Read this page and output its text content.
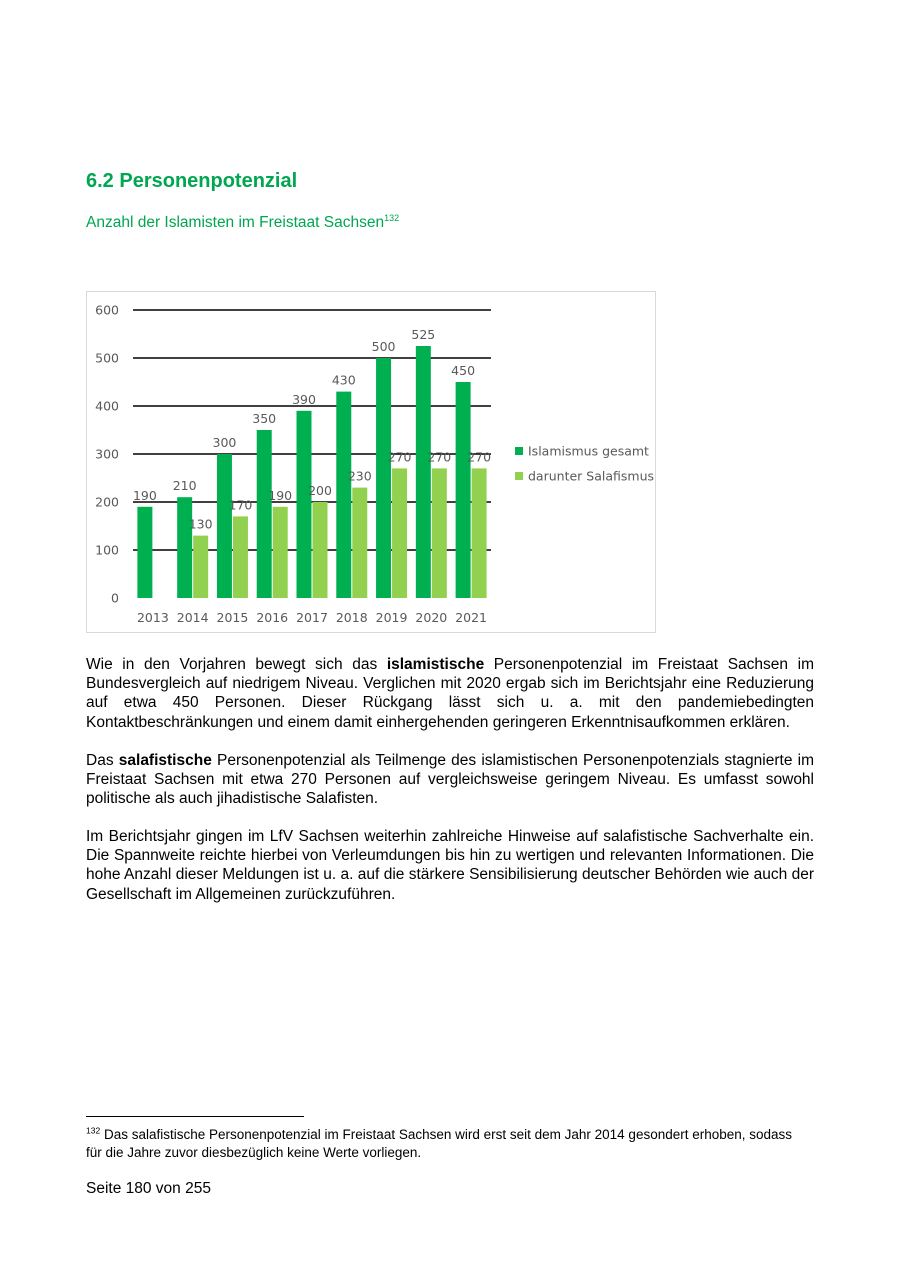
6.2 Personenpotenzial

Anzahl der Islamisten im Freistaat Sachsen$^{132}$

0
100
200
300
400
500
600
190
2013
210
130
2014
300
170
2015
350
190
2016
390
200
2017
430
230
2018
500
270
2019
525
270
2020
450
270
2021
Islamismus gesamt
darunter Salafismus

Wie in den Vorjahren bewegt sich das islamistische Personenpotenzial im Freistaat Sachsen im Bundesvergleich auf niedrigem Niveau. Verglichen mit 2020 ergab sich im Berichtsjahr eine Reduzierung auf etwa 450 Personen. Dieser Rückgang lässt sich u. a. mit den pandemiebedingten Kontaktbeschränkungen und einem damit einhergehenden geringeren Erkenntnisaufkommen erklären.

Das salafistische Personenpotenzial als Teilmenge des islamistischen Personenpotenzials stagnierte im Freistaat Sachsen mit etwa 270 Personen auf vergleichsweise geringem Niveau. Es umfasst sowohl politische als auch jihadistische Salafisten.

Im Berichtsjahr gingen im LfV Sachsen weiterhin zahlreiche Hinweise auf salafistische Sachverhalte ein. Die Spannweite reichte hierbei von Verleumdungen bis hin zu wertigen und relevanten Informationen. Die hohe Anzahl dieser Meldungen ist u. a. auf die stärkere Sensibilisierung deutscher Behörden wie auch der Gesellschaft im Allgemeinen zurückzuführen.

$^{132}$ Das salafistische Personenpotenzial im Freistaat Sachsen wird erst seit dem Jahr 2014 gesondert erhoben, sodass für die Jahre zuvor diesbezüglich keine Werte vorliegen.

Seite 180 von 255
